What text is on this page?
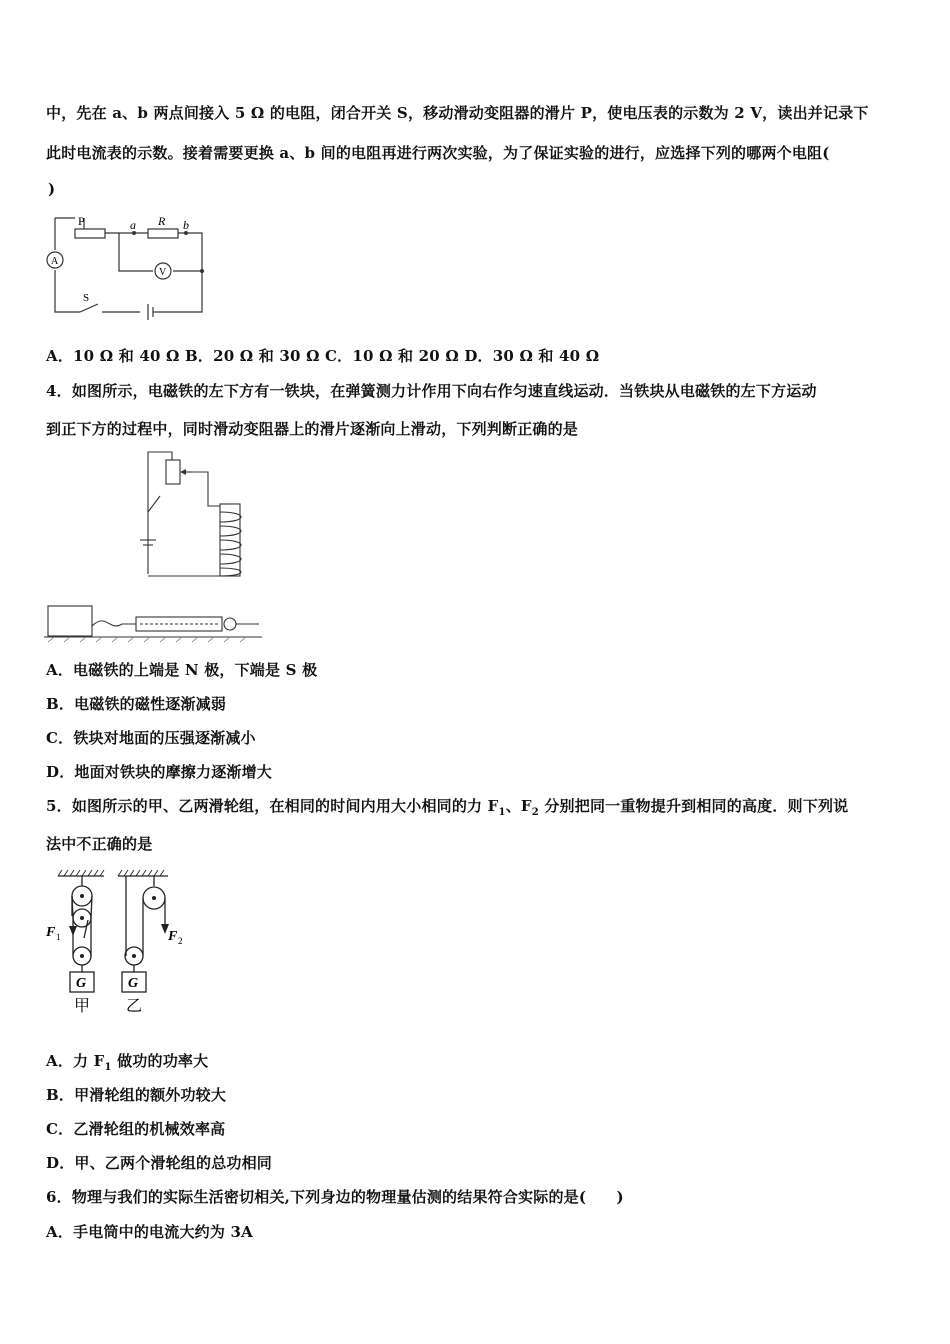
中，先在 a、b 两点间接入 5 Ω 的电阻，闭合开关 S，移动滑动变阻器的滑片 P，使电压表的示数为 2 V，读出并记录下
此时电流表的示数。接着需要更换 a、b 间的电阻再进行两次实验，为了保证实验的进行，应选择下列的哪两个电阻(
)
P	a R b
A
V
S
A．10 Ω 和 40 Ω B．20 Ω 和 30 Ω C．10 Ω 和 20 Ω D．30 Ω 和 40 Ω
4．如图所示，电磁铁的左下方有一铁块，在弹簧测力计作用下向右作匀速直线运动．当铁块从电磁铁的左下方运动
到正下方的过程中，同时滑动变阻器上的滑片逐渐向上滑动，下列判断正确的是
A．电磁铁的上端是 N 极，下端是 S 极
B．电磁铁的磁性逐渐减弱
C．铁块对地面的压强逐渐减小
D．地面对铁块的摩擦力逐渐增大
5．如图所示的甲、乙两滑轮组，在相同的时间内用大小相同的力 $F_1$、$F_2$ 分别把同一重物提升到相同的高度．则下列说
法中不正确的是
F 1	F 2
G	G
甲 乙
A．力 $F_1$ 做功的功率大
B．甲滑轮组的额外功较大
C．乙滑轮组的机械效率高
D．甲、乙两个滑轮组的总功相同
6．物理与我们的实际生活密切相关,下列身边的物理量估测的结果符合实际的是(　　)
A．手电筒中的电流大约为 3A
